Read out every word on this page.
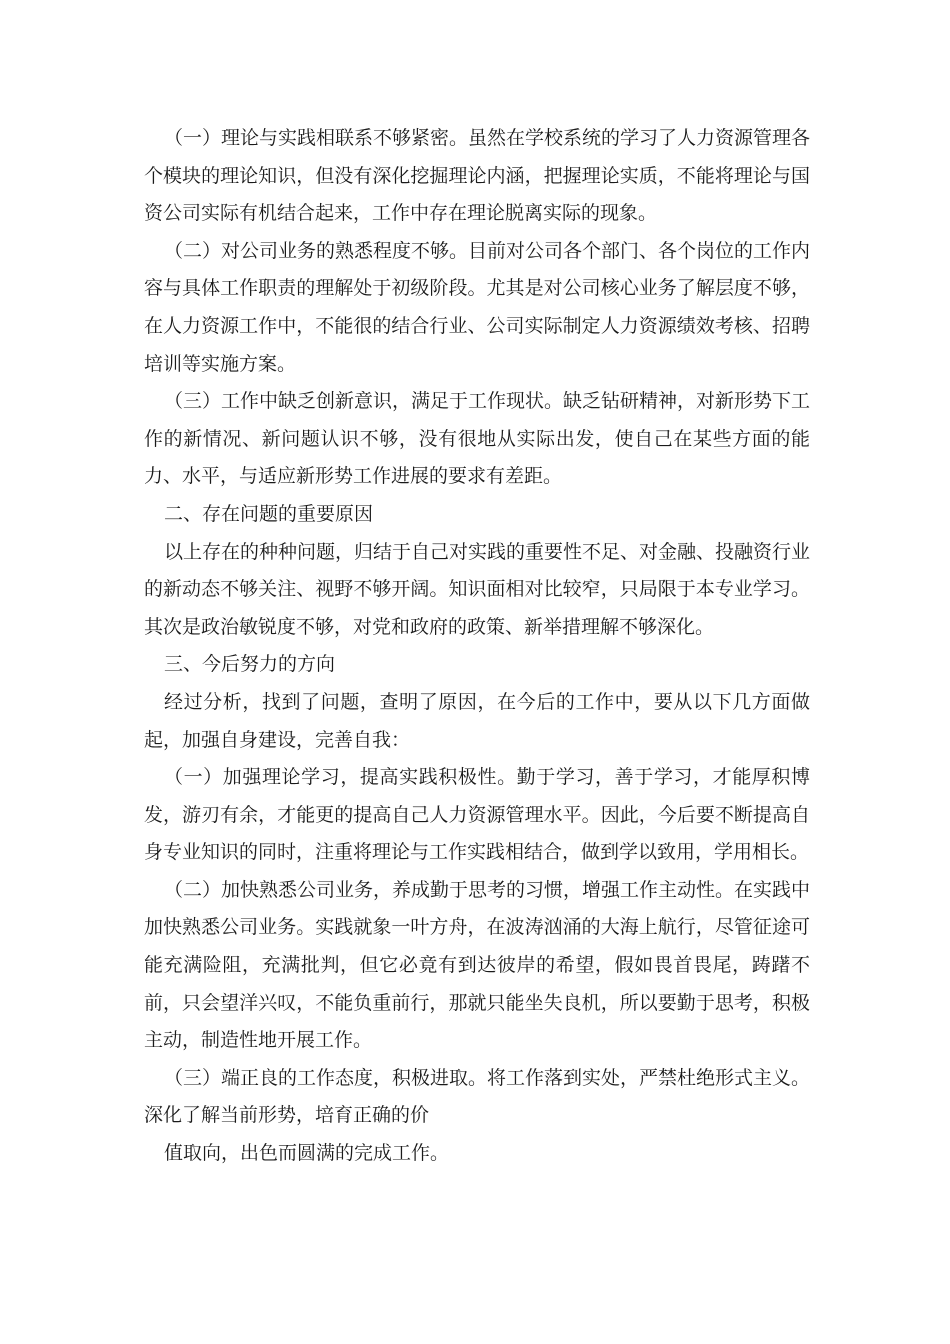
（一）理论与实践相联系不够紧密。虽然在学校系统的学习了人力资源管理各个模块的理论知识，但没有深化挖掘理论内涵，把握理论实质，不能将理论与国资公司实际有机结合起来，工作中存在理论脱离实际的现象。

（二）对公司业务的熟悉程度不够。目前对公司各个部门、各个岗位的工作内容与具体工作职责的理解处于初级阶段。尤其是对公司核心业务了解层度不够，在人力资源工作中，不能很的结合行业、公司实际制定人力资源绩效考核、招聘培训等实施方案。

（三）工作中缺乏创新意识，满足于工作现状。缺乏钻研精神，对新形势下工作的新情况、新问题认识不够，没有很地从实际出发，使自己在某些方面的能力、水平，与适应新形势工作进展的要求有差距。

二、存在问题的重要原因

以上存在的种种问题，归结于自己对实践的重要性不足、对金融、投融资行业的新动态不够关注、视野不够开阔。知识面相对比较窄，只局限于本专业学习。其次是政治敏锐度不够，对党和政府的政策、新举措理解不够深化。

三、今后努力的方向

经过分析，找到了问题，查明了原因，在今后的工作中，要从以下几方面做起，加强自身建设，完善自我：

（一）加强理论学习，提高实践积极性。勤于学习，善于学习，才能厚积博发，游刃有余，才能更的提高自己人力资源管理水平。因此，今后要不断提高自身专业知识的同时，注重将理论与工作实践相结合，做到学以致用，学用相长。

（二）加快熟悉公司业务，养成勤于思考的习惯，增强工作主动性。在实践中加快熟悉公司业务。实践就象一叶方舟，在波涛汹涌的大海上航行，尽管征途可能充满险阻，充满批判，但它必竟有到达彼岸的希望，假如畏首畏尾，踌躇不前，只会望洋兴叹，不能负重前行，那就只能坐失良机，所以要勤于思考，积极主动，制造性地开展工作。

（三）端正良的工作态度，积极进取。将工作落到实处，严禁杜绝形式主义。深化了解当前形势，培育正确的价

值取向，出色而圆满的完成工作。
